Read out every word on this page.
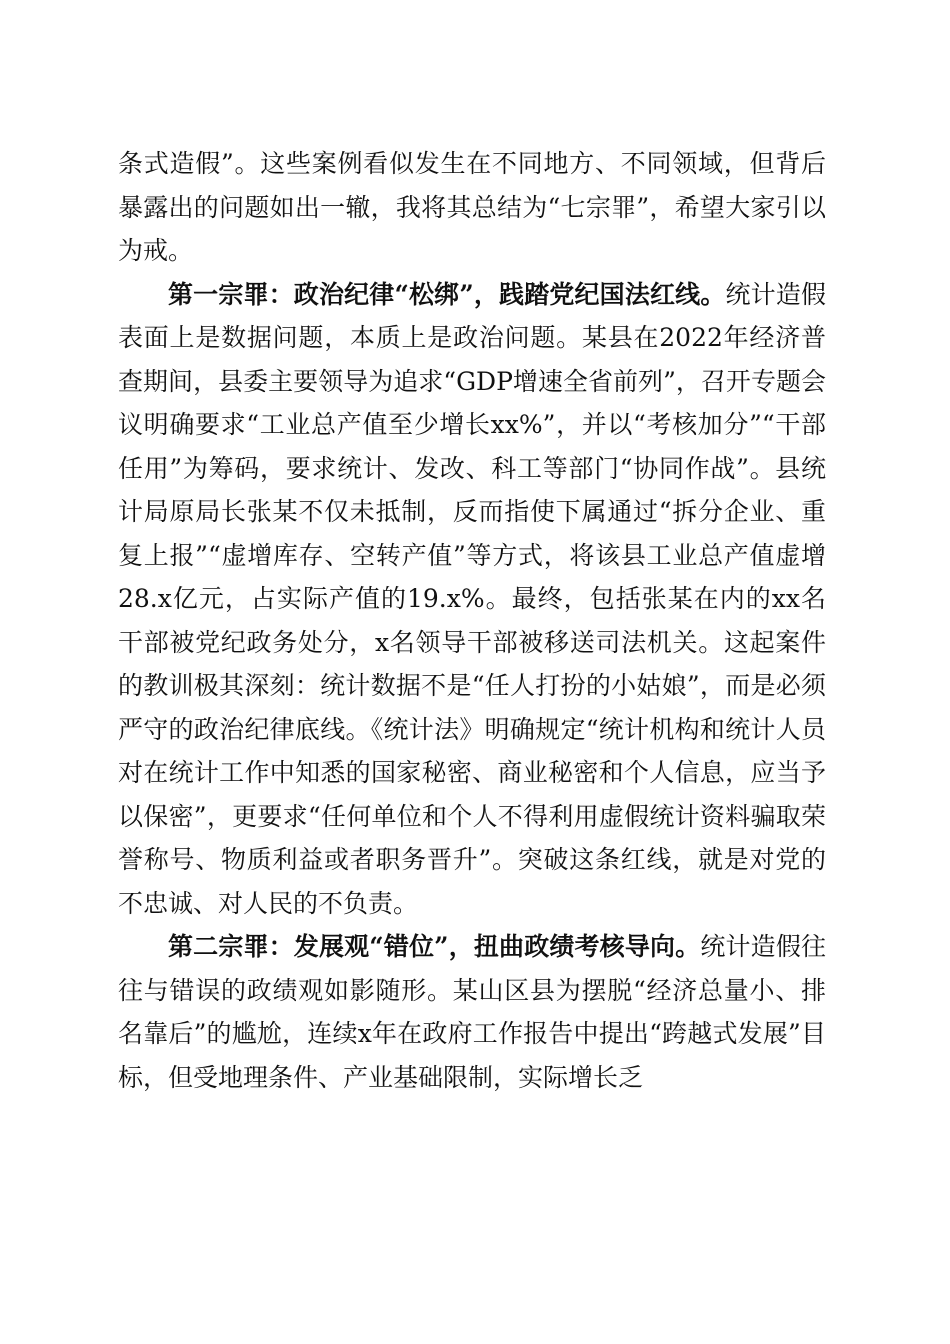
条式造假”。这些案例看似发生在不同地方、不同领域，但背后暴露出的问题如出一辙，我将其总结为“七宗罪”，希望大家引以为戒。

第一宗罪：政治纪律“松绑”，践踏党纪国法红线。统计造假表面上是数据问题，本质上是政治问题。某县在2022年经济普查期间，县委主要领导为追求“GDP增速全省前列”，召开专题会议明确要求“工业总产值至少增长xx%”，并以“考核加分”“干部任用”为筹码，要求统计、发改、科工等部门“协同作战”。县统计局原局长张某不仅未抵制，反而指使下属通过“拆分企业、重复上报”“虚增库存、空转产值”等方式，将该县工业总产值虚增28.x亿元，占实际产值的19.x%。最终，包括张某在内的xx名干部被党纪政务处分，x名领导干部被移送司法机关。这起案件的教训极其深刻：统计数据不是“任人打扮的小姑娘”，而是必须严守的政治纪律底线。《统计法》明确规定“统计机构和统计人员对在统计工作中知悉的国家秘密、商业秘密和个人信息，应当予以保密”，更要求“任何单位和个人不得利用虚假统计资料骗取荣誉称号、物质利益或者职务晋升”。突破这条红线，就是对党的不忠诚、对人民的不负责。

第二宗罪：发展观“错位”，扭曲政绩考核导向。统计造假往往与错误的政绩观如影随形。某山区县为摆脱“经济总量小、排名靠后”的尴尬，连续x年在政府工作报告中提出“跨越式发展”目标，但受地理条件、产业基础限制，实际增长乏
